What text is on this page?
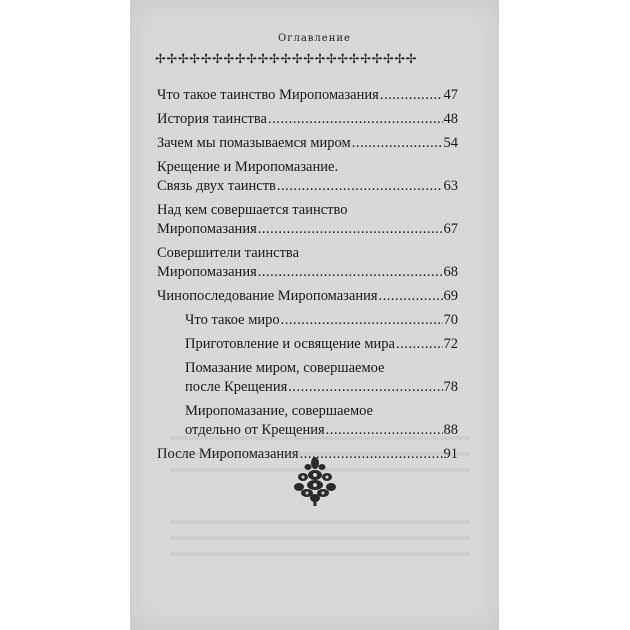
Оглавление
✢✢✢✢✢✢✢✢✢✢✢✢✢✢✢✢✢✢✢✢✢✢✢
Что такое таинство Миропомазания .....	47
История таинства .....	48
Зачем мы помазываемся миром .....	54
Крещение и Миропомазание.
Связь двух таинств .....	63
Над кем совершается таинство
Миропомазания .....	67
Совершители таинства
Миропомазания .....	68
Чинопоследование Миропомазания .....	69
Что такое миро .....	70
Приготовление и освящение мира .....	72
Помазание миром, совершаемое
после Крещения .....	78
Миропомазание, совершаемое
отдельно от Крещения .....	88
После Миропомазания .....	91
